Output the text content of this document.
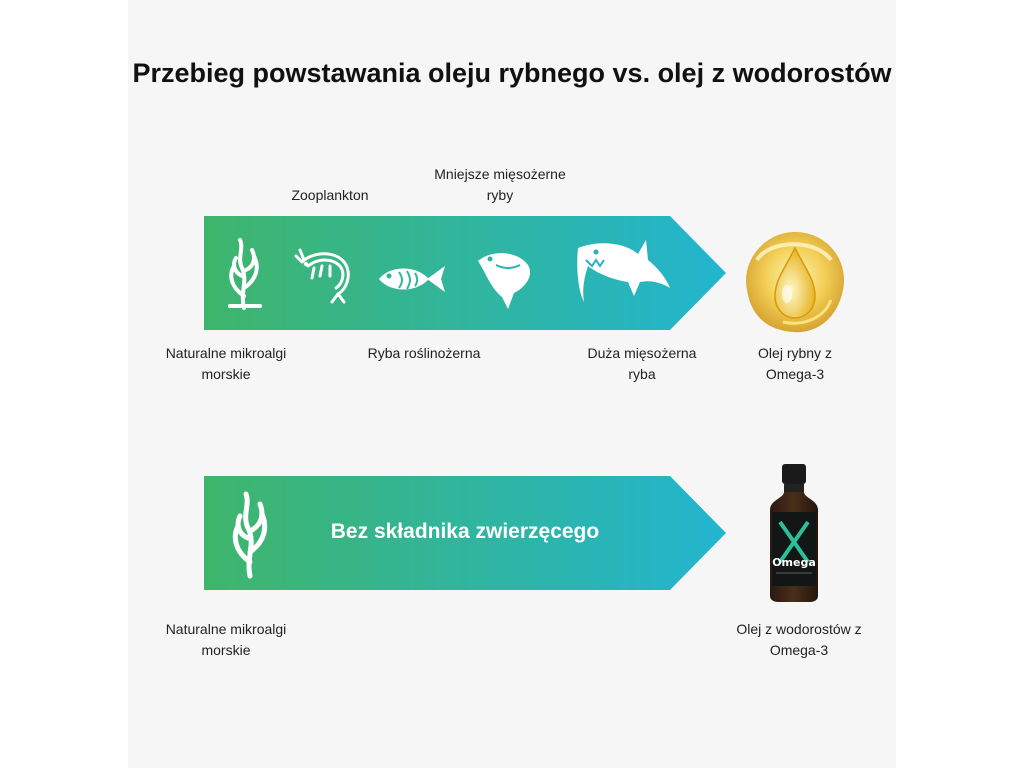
Przebieg powstawania oleju rybnego vs. olej z wodorostów
Zooplankton
Mniejsze mięsożerne ryby
Naturalne mikroalgi morskie
Ryba roślinożerna	Duża mięsożerna ryba
Olej rybny z Omega-3
Bez składnika zwierzęcego
Omega
Naturalne mikroalgi morskie
Olej z wodorostów z Omega-3
